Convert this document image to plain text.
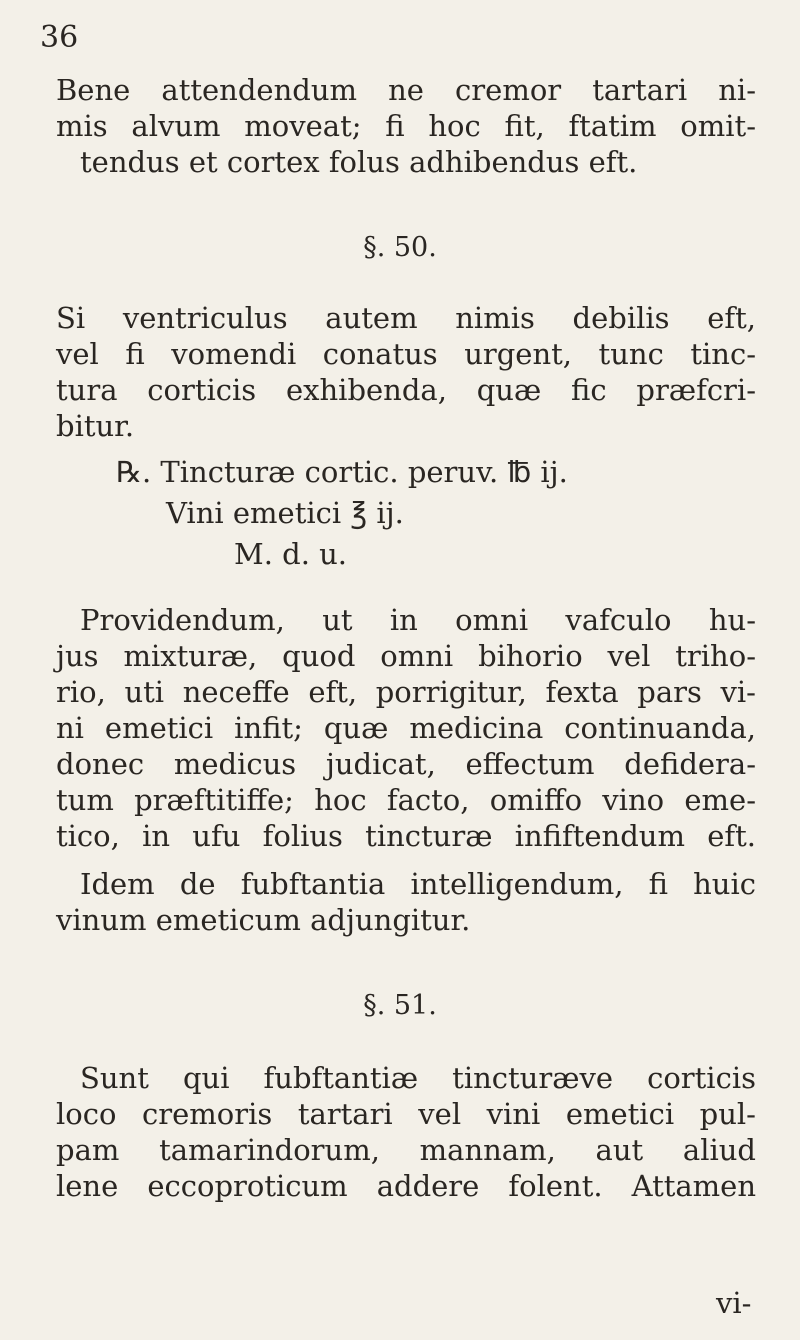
36
Bene attendendum ne cremor tartari ni-
mis alvum moveat; fi hoc fit, ftatim omit-
tendus et cortex folus adhibendus eft.
§. 50.
Si ventriculus autem nimis debilis eft,
vel fi vomendi conatus urgent, tunc tinc-
tura corticis exhibenda, quæ fic præfcri-
bitur.
℞. Tincturæ cortic. peruv. ℔ ij.
Vini emetici ℥ ij.
M. d. u.
Providendum, ut in omni vafculo hu-
jus mixturæ, quod omni bihorio vel triho-
rio, uti neceffe eft, porrigitur, fexta pars vi-
ni emetici infit; quæ medicina continuanda,
donec medicus judicat, effectum defidera-
tum præftitiffe; hoc facto, omiffo vino eme-
tico, in ufu folius tincturæ infiftendum eft.
Idem de fubftantia intelligendum, fi huic
vinum emeticum adjungitur.
§. 51.
Sunt qui fubftantiæ tincturæve corticis
loco cremoris tartari vel vini emetici pul-
pam tamarindorum, mannam, aut aliud
lene eccoproticum addere folent. Attamen
vi-
